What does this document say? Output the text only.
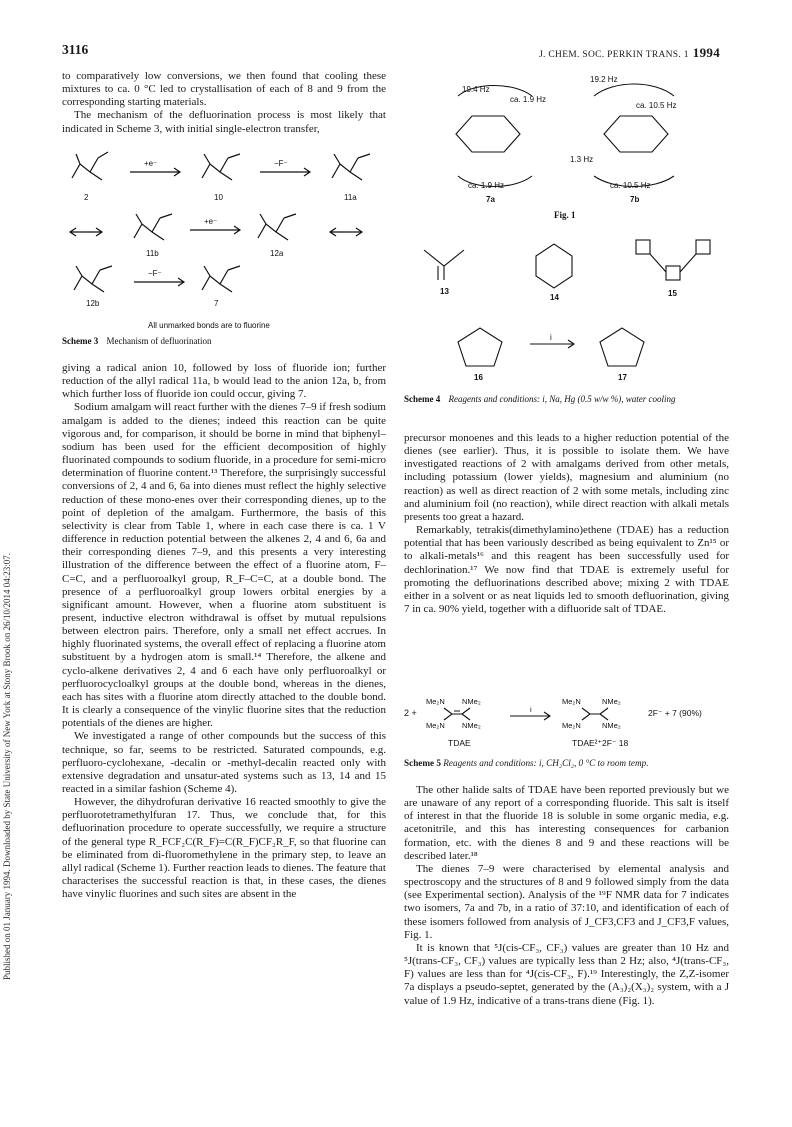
3116	J. CHEM. SOC. PERKIN TRANS. 1 1994
Published on 01 January 1994. Downloaded by State University of New York at Stony Brook on 26/10/2014 04:23:07.

to comparatively low conversions, we then found that cooling these mixtures to ca. 0 °C led to crystallisation of each of 8 and 9 from the corresponding starting materials.

The mechanism of the defluorination process is most likely that indicated in Scheme 3, with initial single-electron transfer,

+e⁻	−F⁻
+e⁻
−F⁻
2	10	11a
11b	12a
12b	7
All unmarked bonds are to fluorine
Scheme 3 Mechanism of defluorination

giving a radical anion 10, followed by loss of fluoride ion; further reduction of the allyl radical 11a, b would lead to the anion 12a, b, from which further loss of fluoride ion could occur, giving 7.

Sodium amalgam will react further with the dienes 7–9 if fresh sodium amalgam is added to the dienes; indeed this reaction can be quite vigorous and, for comparison, it should be borne in mind that biphenyl–sodium has been used for the efficient decomposition of highly fluorinated compounds to sodium fluoride, in a procedure for semi-micro determination of fluorine content.¹³ Therefore, the surprisingly successful conversions of 2, 4 and 6, 6a into dienes must reflect the highly selective reduction of these mono-enes over their corresponding dienes, up to the point of depletion of the amalgam. Furthermore, the basis of this selectivity is clear from Table 1, where in each case there is ca. 1 V difference in reduction potential between the alkenes 2, 4 and 6, 6a and their corresponding dienes 7–9, and this presents a very interesting illustration of the difference between the effect of a fluorine atom, F–C=C, and a perfluoroalkyl group, R_F–C=C, at a double bond. The presence of a perfluoroalkyl group lowers orbital energies by a significant amount. However, when a fluorine atom substituent is present, inductive electron withdrawal is offset by mutual repulsions between electron pairs. Therefore, only a small net effect accrues. In highly fluorinated systems, the overall effect of replacing a fluorine atom substituent by a hydrogen atom is small.¹⁴ Therefore, the alkene and cyclo-alkene derivatives 2, 4 and 6 each have only perfluoroalkyl or perfluorocycloalkyl groups at the double bond, whereas in the dienes, each has sites with a fluorine atom directly attached to the double bond. It is clearly a consequence of the vinylic fluorine sites that the reduction potentials of the dienes are higher.

We investigated a range of other compounds but the success of this technique, so far, seems to be restricted. Saturated compounds, e.g. perfluoro-cyclohexane, -decalin or -methyl-decalin reacted only with extensive degradation and unsatur-ated systems such as 13, 14 and 15 reacted in a similar fashion (Scheme 4).

However, the dihydrofuran derivative 16 reacted smoothly to give the perfluorotetramethylfuran 17. Thus, we conclude that, for this defluorination procedure to operate successfully, we require a structure of the general type R_FCF₂C(R_F)=C(R_F)CF₂R_F, so that fluorine can be eliminated from di-fluoromethylene in the primary step, to leave an allyl radical (Scheme 1). Further reaction leads to dienes. The feature that characterises the successful reaction is that, in these cases, the dienes have vinylic fluorines and such sites are absent in the

19.4 Hz
ca. 1.9 Hz
ca. 1.9 Hz
7a
19.2 Hz
ca. 10.5 Hz
1.3 Hz
ca. 10.5 Hz
7b
Fig. 1
13
14	15
16
i
17
Scheme 4 Reagents and conditions: i, Na, Hg (0.5 w/w %), water cooling

precursor monoenes and this leads to a higher reduction potential of the dienes (see earlier). Thus, it is possible to isolate them. We have investigated reactions of 2 with amalgams derived from other metals, including potassium (lower yields), magnesium and aluminium (no reaction) as well as direct reaction of 2 with some metals, including zinc and aluminium foil (no reaction), while direct reaction with alkali metals presents too great a hazard.

Remarkably, tetrakis(dimethylamino)ethene (TDAE) has a reduction potential that has been variously described as being equivalent to Zn¹⁵ or to alkali-metals¹⁶ and this reagent has been successfully used for dechlorination.¹⁷ We now find that TDAE is extremely useful for promoting the defluorinations described above; mixing 2 with TDAE either in a solvent or as neat liquids led to smooth defluorination, giving 7 in ca. 90% yield, together with a difluoride salt of TDAE.

2 +
Me₂N NMe₂
Me₂N NMe₂
i
Me₂N	NMe₂
Me₂N	NMe₂
2F⁻ + 7 (90%)
TDAE	TDAE²⁺2F⁻ 18
Scheme 5 Reagents and conditions: i, CH₂Cl₂, 0 °C to room temp.

The other halide salts of TDAE have been reported previously but we are unaware of any report of a corresponding fluoride. This salt is itself of interest in that the fluoride 18 is soluble in some organic media, e.g. acetonitrile, and this has interesting consequences for carbanion formation, etc. with the dienes 8 and 9 and these reactions will be described later.¹⁸

The dienes 7–9 were characterised by elemental analysis and spectroscopy and the structures of 8 and 9 followed simply from the data (see Experimental section). Analysis of the ¹⁹F NMR data for 7 indicates two isomers, 7a and 7b, in a ratio of 37:10, and identification of each of these isomers followed from analysis of J_CF3,CF3 and J_CF3,F values, Fig. 1.

It is known that ⁵J(cis-CF₃, CF₃) values are greater than 10 Hz and ⁵J(trans-CF₃, CF₃) values are typically less than 2 Hz; also, ⁴J(trans-CF₃, F) values are less than for ⁴J(cis-CF₃, F).¹⁹ Interestingly, the Z,Z-isomer 7a displays a pseudo-septet, generated by the (A₃)₂(X₃)₂ system, with a J value of 1.9 Hz, indicative of a trans-trans diene (Fig. 1).
